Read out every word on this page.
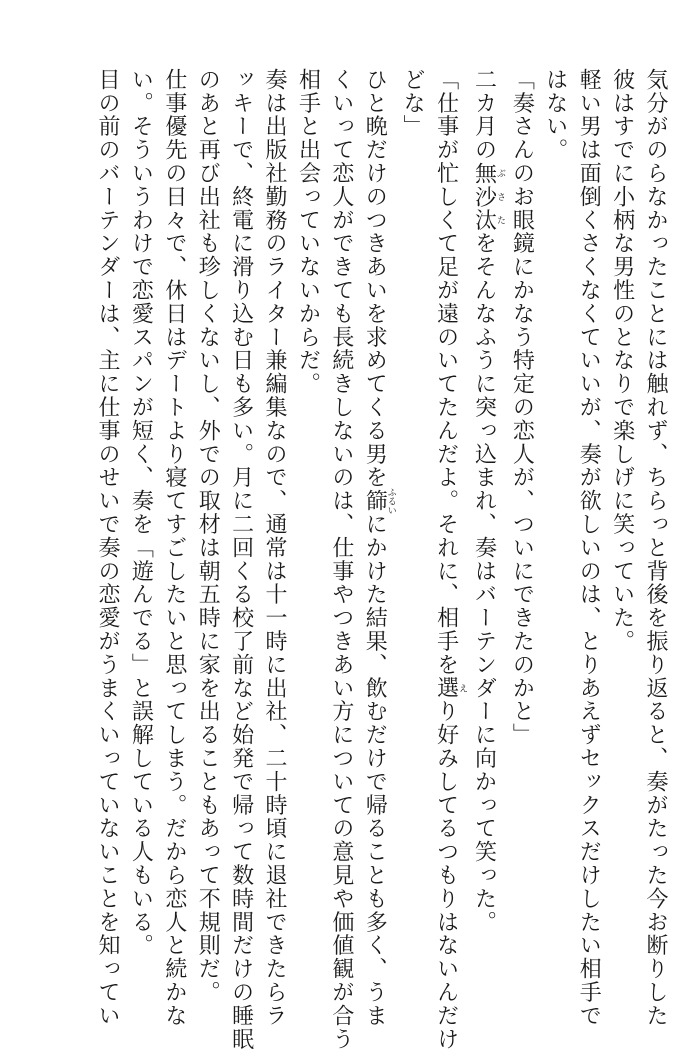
気分がのらなかったことには触れず、ちらっと背後を振り返ると、奏がたった今お断りした
彼はすでに小柄な男性のとなりで楽しげに笑っていた。
軽い男は面倒くさくなくていいが、奏が欲しいのは、とりあえずセックスだけしたい相手で
はない。
「奏さんのお眼鏡にかなう特定の恋人が、ついにできたのかと」
二カ月の無沙汰ぶさたをそんなふうに突っ込まれ、奏はバーテンダーに向かって笑った。
「仕事が忙しくて足が遠のいてたんだよ。それに、相手を選えり好みしてるつもりはないんだけ
どな」
ひと晩だけのつきあいを求めてくる男を篩ふるいにかけた結果、飲むだけで帰ることも多く、うま
くいって恋人ができても長続きしないのは、仕事やつきあい方についての意見や価値観が合う
相手と出会っていないからだ。
奏は出版社勤務のライター兼編集なので、通常は十一時に出社、二十時頃に退社できたらラ
ッキーで、終電に滑り込む日も多い。月に二回くる校了前など始発で帰って数時間だけの睡眠
のあと再び出社も珍しくないし、外での取材は朝五時に家を出ることもあって不規則だ。
仕事優先の日々で、休日はデートより寝てすごしたいと思ってしまう。だから恋人と続かな
い。そういうわけで恋愛スパンが短く、奏を「遊んでる」と誤解している人もいる。
目の前のバーテンダーは、主に仕事のせいで奏の恋愛がうまくいっていないことを知ってい
